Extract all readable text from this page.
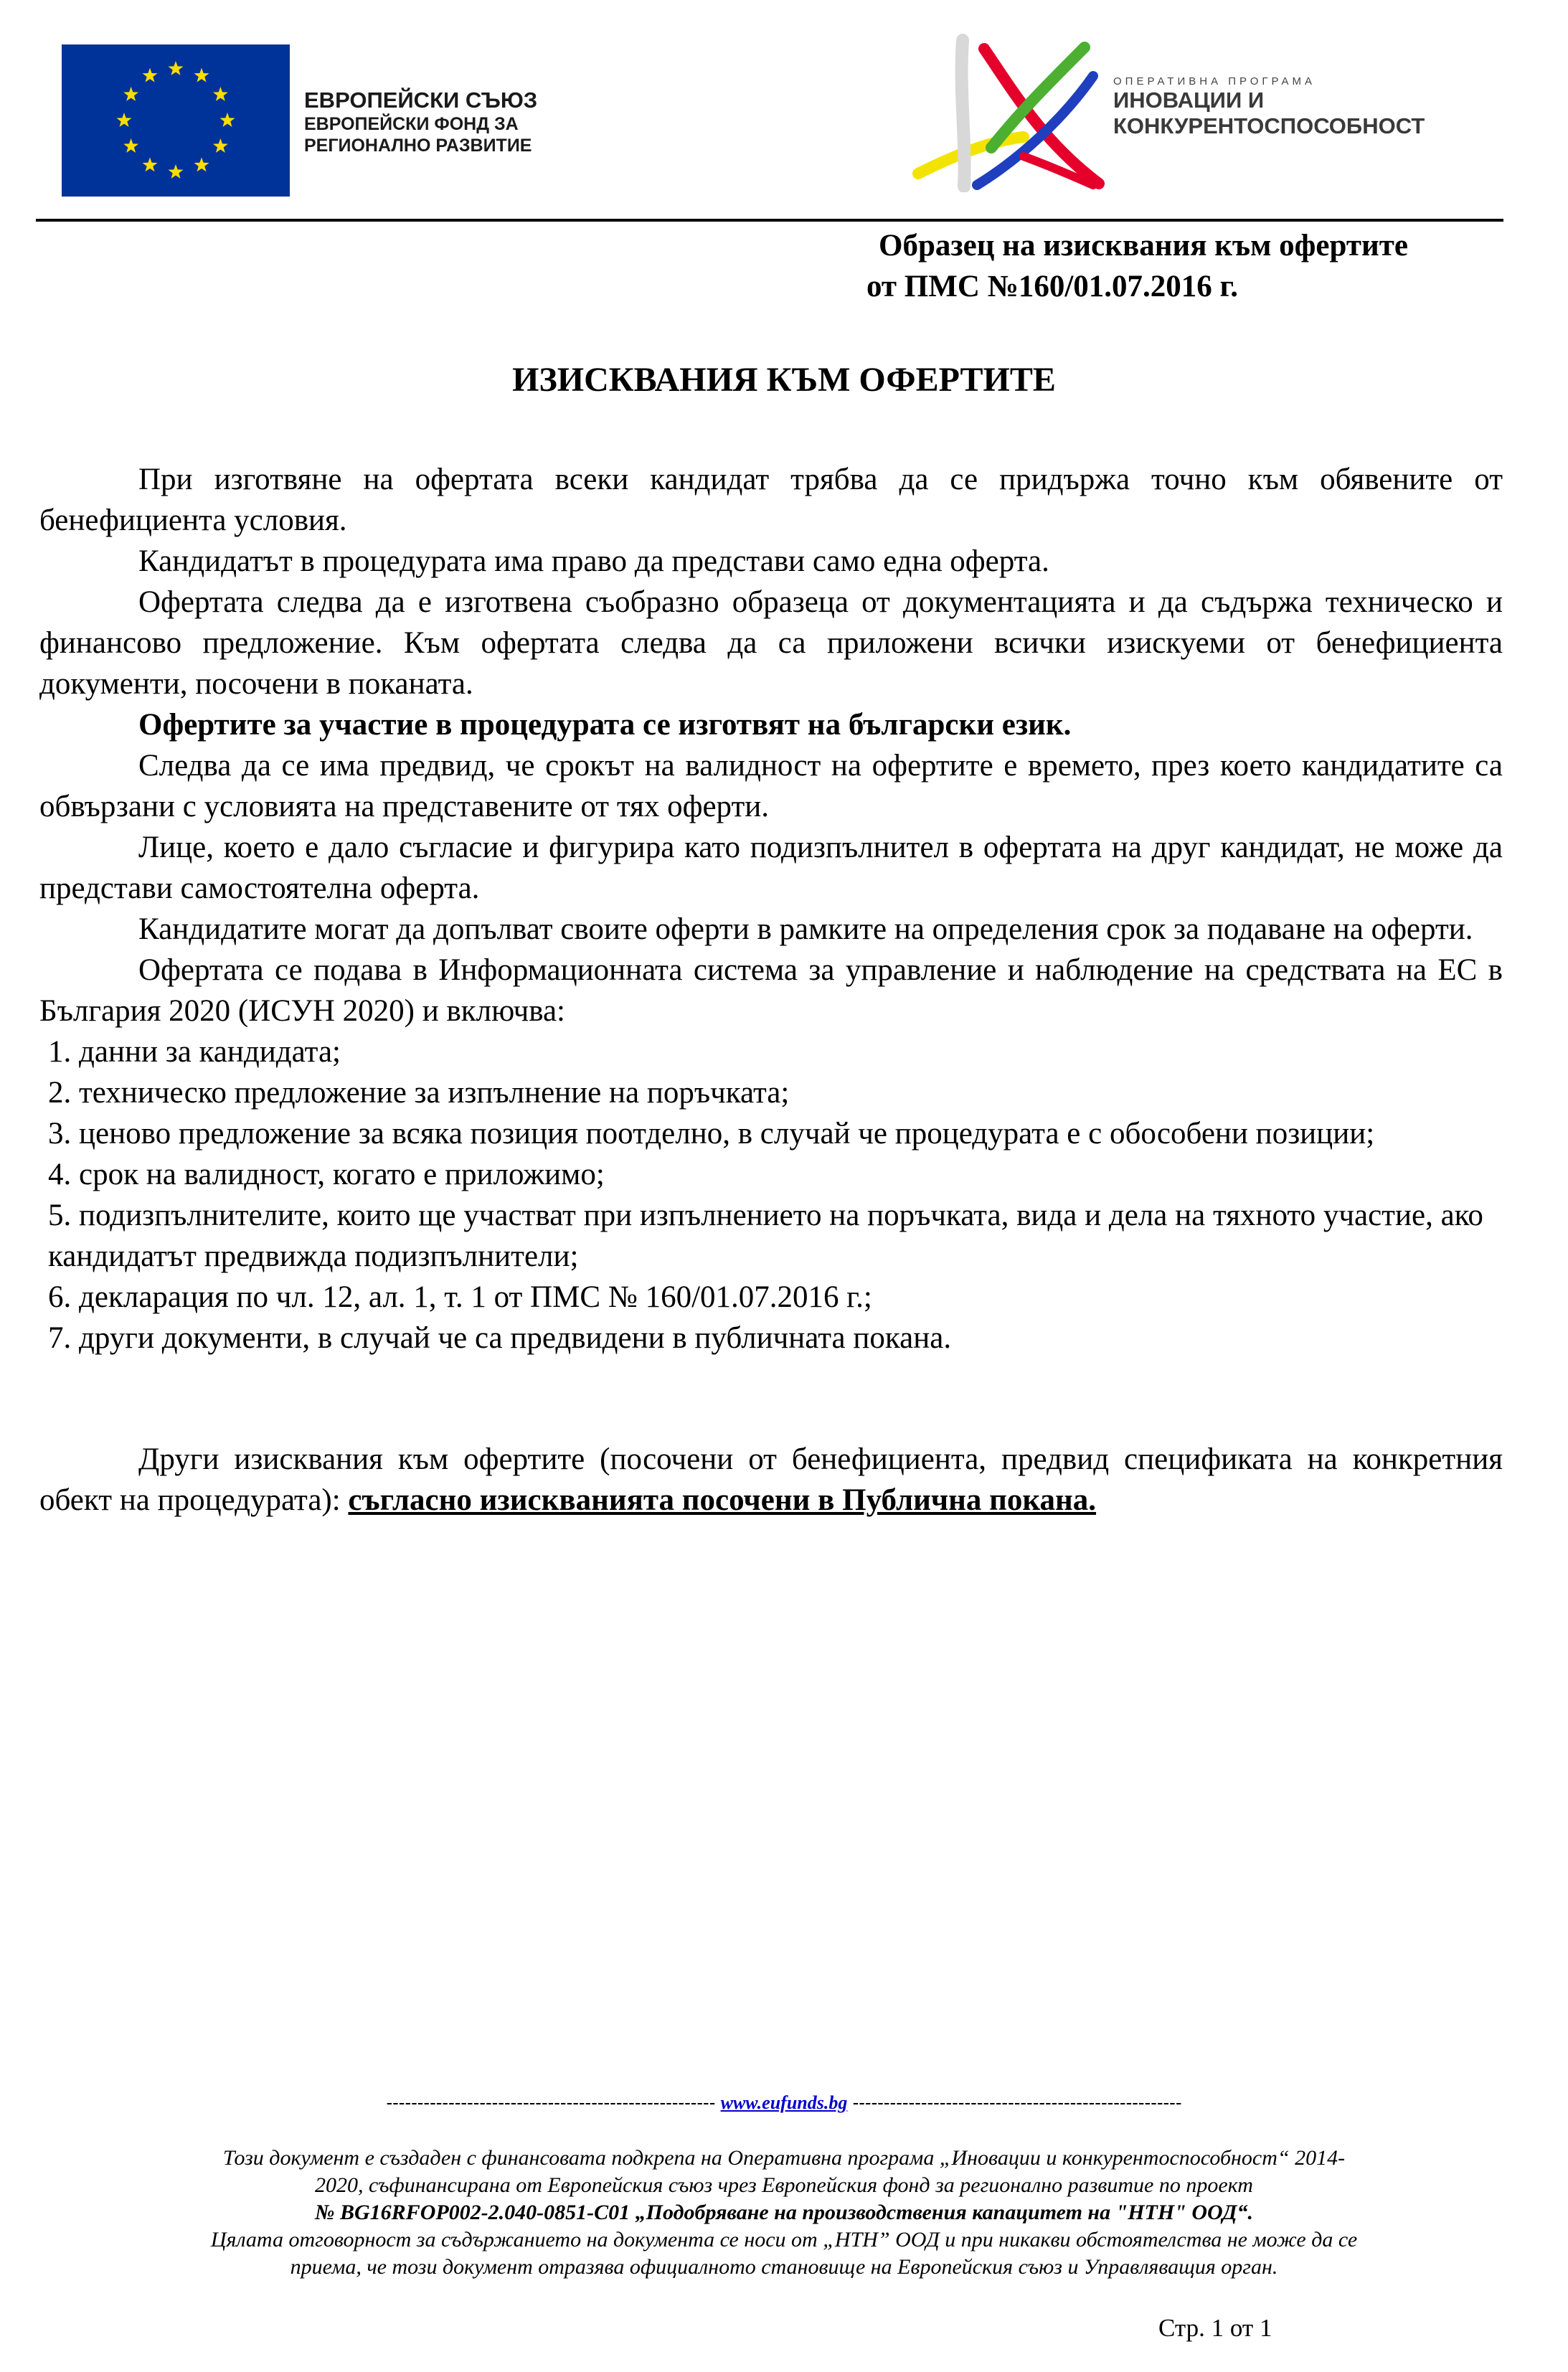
ЕВРОПЕЙСКИ СЪЮЗ
ЕВРОПЕЙСКИ ФОНД ЗА
РЕГИОНАЛНО РАЗВИТИЕ
ОПЕРАТИВНА ПРОГРАМА
ИНОВАЦИИ И
КОНКУРЕНТОСПОСОБНОСТ
Образец на изисквания към офертите
от ПМС №160/01.07.2016 г.
ИЗИСКВАНИЯ КЪМ ОФЕРТИТЕ

При изготвяне на офертата всеки кандидат трябва да се придържа точно към обявените от бенефициента условия.

Кандидатът в процедурата има право да представи само една оферта.

Офертата следва да е изготвена съобразно образеца от документацията и да съдържа техническо и финансово предложение. Към офертата следва да са приложени всички изискуеми от бенефициента документи, посочени в поканата.

Офертите за участие в процедурата се изготвят на български език.

Следва да се има предвид, че срокът на валидност на офертите е времето, през което кандидатите са обвързани с условията на представените от тях оферти.

Лице, което е дало съгласие и фигурира като подизпълнител в офертата на друг кандидат, не може да представи самостоятелна оферта.

Кандидатите могат да допълват своите оферти в рамките на определения срок за подаване на оферти.

Офертата се подава в Информационната система за управление и наблюдение на средствата на ЕС в България 2020 (ИСУН 2020) и включва:

1. данни за кандидата;

2. техническо предложение за изпълнение на поръчката;

3. ценово предложение за всяка позиция поотделно, в случай че процедурата е с обособени позиции;

4. срок на валидност, когато е приложимо;

5. подизпълнителите, които ще участват при изпълнението на поръчката, вида и дела на тяхното участие, ако кандидатът предвижда подизпълнители;

6. декларация по чл. 12, ал. 1, т. 1 от ПМС № 160/01.07.2016 г.;

7. други документи, в случай че са предвидени в публичната покана.

Други изисквания към офертите (посочени от бенефициента, предвид спецификата на конкретния обект на процедурата): съгласно изискванията посочени в Публична покана.

----------------------------------------------------- www.eufunds.bg -----------------------------------------------------
Този документ е създаден с финансовата подкрепа на Оперативна програма „Иновации и конкурентоспособност“ 2014-
2020, съфинансирана от Европейския съюз чрез Европейския фонд за регионално развитие по проект
№ BG16RFOP002-2.040-0851-C01 „Подобряване на производствения капацитет на "НТН" ООД“.
Цялата отговорност за съдържанието на документа се носи от „НТН” ООД и при никакви обстоятелства не може да се
приема, че този документ отразява официалното становище на Европейския съюз и Управляващия орган.
Стр. 1 от 1
